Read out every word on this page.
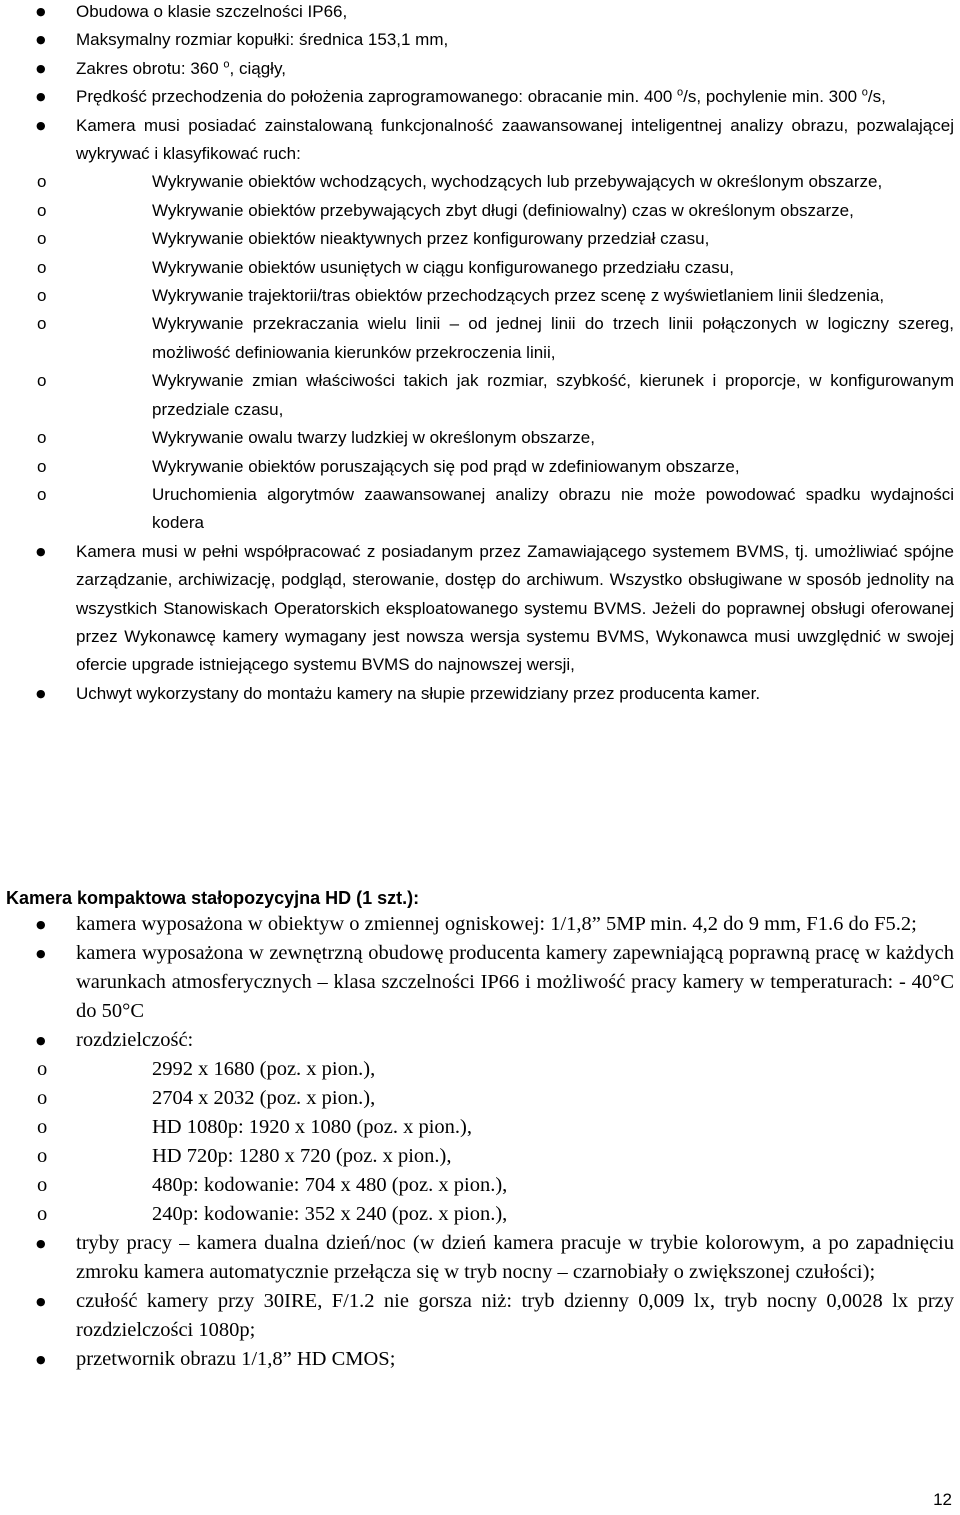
● Obudowa o klasie szczelności IP66,
● Maksymalny rozmiar kopułki: średnica 153,1 mm,
● Zakres obrotu: 360 $^o$, ciągły,
● Prędkość przechodzenia do położenia zaprogramowanego: obracanie min. 400 $^o$/s, pochylenie min. 300 $^o$/s,
● Kamera musi posiadać zainstalowaną funkcjonalność zaawansowanej inteligentnej analizy obrazu, pozwalającej wykrywać i klasyfikować ruch:
o Wykrywanie obiektów wchodzących, wychodzących lub przebywających w określonym obszarze,
o Wykrywanie obiektów przebywających zbyt długi (definiowalny) czas w określonym obszarze,
o Wykrywanie obiektów nieaktywnych przez konfigurowany przedział czasu,
o Wykrywanie obiektów usuniętych w ciągu konfigurowanego przedziału czasu,
o Wykrywanie trajektorii/tras obiektów przechodzących przez scenę z wyświetlaniem linii śledzenia,
o Wykrywanie przekraczania wielu linii – od jednej linii do trzech linii połączonych w logiczny szereg, możliwość definiowania kierunków przekroczenia linii,
o Wykrywanie zmian właściwości takich jak rozmiar, szybkość, kierunek i proporcje, w konfigurowanym przedziale czasu,
o Wykrywanie owalu twarzy ludzkiej w określonym obszarze,
o Wykrywanie obiektów poruszających się pod prąd w zdefiniowanym obszarze,
o Uruchomienia algorytmów zaawansowanej analizy obrazu nie może powodować spadku wydajności kodera
● Kamera musi w pełni współpracować z posiadanym przez Zamawiającego systemem BVMS, tj. umożliwiać spójne zarządzanie, archiwizację, podgląd, sterowanie, dostęp do archiwum. Wszystko obsługiwane w sposób jednolity na wszystkich Stanowiskach Operatorskich eksploatowanego systemu BVMS. Jeżeli do poprawnej obsługi oferowanej przez Wykonawcę kamery wymagany jest nowsza wersja systemu BVMS, Wykonawca musi uwzględnić w swojej ofercie upgrade istniejącego systemu BVMS do najnowszej wersji,
● Uchwyt wykorzystany do montażu kamery na słupie przewidziany przez producenta kamer.
Kamera kompaktowa stałopozycyjna HD (1 szt.):
● kamera wyposażona w obiektyw o zmiennej ogniskowej: 1/1,8” 5MP min. 4,2 do 9 mm, F1.6 do F5.2;
● kamera wyposażona w zewnętrzną obudowę producenta kamery zapewniającą poprawną pracę w każdych warunkach atmosferycznych – klasa szczelności IP66 i możliwość pracy kamery w temperaturach: - 40°C do 50°C
● rozdzielczość:
o 2992 x 1680 (poz. x pion.),
o 2704 x 2032 (poz. x pion.),
o HD 1080p: 1920 x 1080 (poz. x pion.),
o HD 720p: 1280 x 720 (poz. x pion.),
o 480p: kodowanie: 704 x 480 (poz. x pion.),
o 240p: kodowanie: 352 x 240 (poz. x pion.),
● tryby pracy – kamera dualna dzień/noc (w dzień kamera pracuje w trybie kolorowym, a po zapadnięciu zmroku kamera automatycznie przełącza się w tryb nocny – czarnobiały o zwiększonej czułości);
● czułość kamery przy 30IRE, F/1.2 nie gorsza niż: tryb dzienny 0,009 lx, tryb nocny 0,0028 lx przy rozdzielczości 1080p;
● przetwornik obrazu 1/1,8” HD CMOS;
12
